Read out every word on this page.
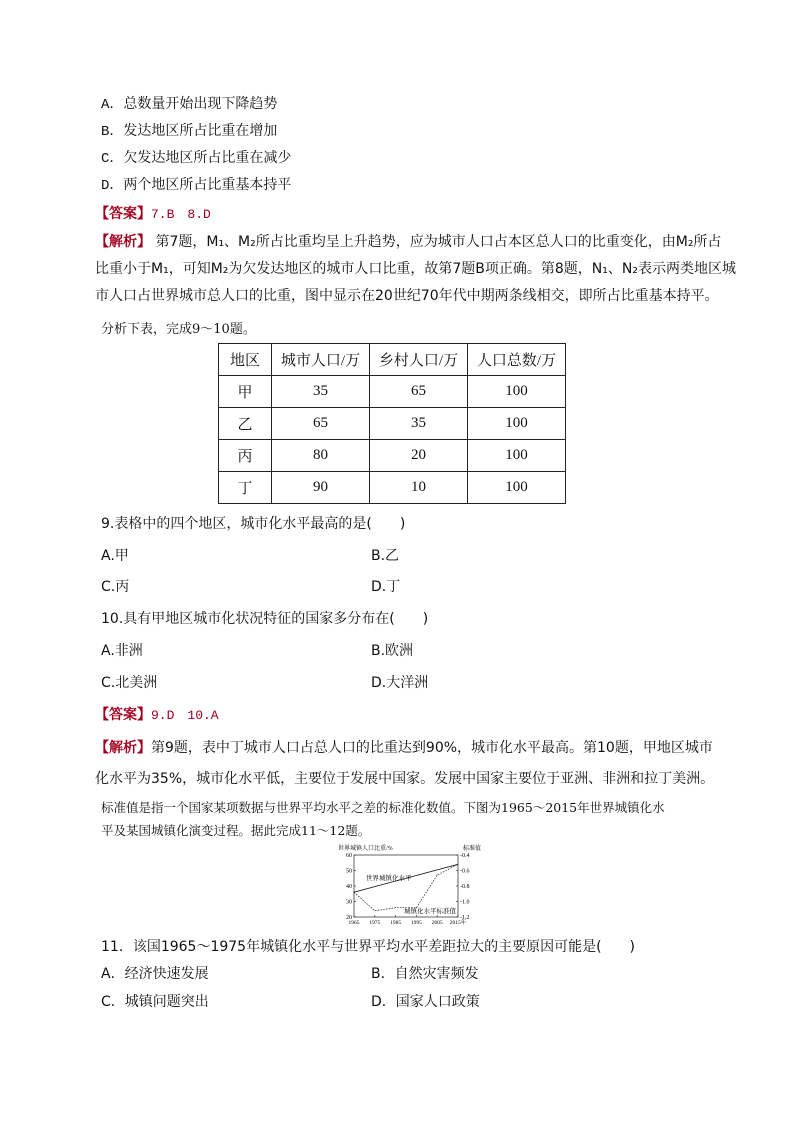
A．总数量开始出现下降趋势
B．发达地区所占比重在增加
C．欠发达地区所占比重在减少
D．两个地区所占比重基本持平
【答案】7.B　8.D
【解析】 第7题，M₁、M₂所占比重均呈上升趋势，应为城市人口占本区总人口的比重变化，由M₂所占
比重小于M₁，可知M₂为欠发达地区的城市人口比重，故第7题B项正确。第8题，N₁、N₂表示两类地区城
市人口占世界城市总人口的比重，图中显示在20世纪70年代中期两条线相交，即所占比重基本持平。
分析下表，完成9～10题。
地区	城市人口/万	乡村人口/万	人口总数/万
甲	35	65	100
乙	65	35	100
丙	80	20	100
丁	90	10	100
9.表格中的四个地区，城市化水平最高的是(　　)
A.甲	B.乙
C.丙	D.丁
10.具有甲地区城市化状况特征的国家多分布在(　　)
A.非洲	B.欧洲
C.北美洲	D.大洋洲
【答案】9.D　10.A
【解析】第9题，表中丁城市人口占总人口的比重达到90%，城市化水平最高。第10题，甲地区城市
化水平为35%，城市化水平低，主要位于发展中国家。发展中国家主要位于亚洲、非洲和拉丁美洲。
标准值是指一个国家某项数据与世界平均水平之差的标准化数值。下图为1965～2015年世界城镇化水
平及某国城镇化演变过程。据此完成11～12题。
世界城镇人口比重/%	标准值
20
30
40
50
60	-0.4
-0.6
-0.8
-1.0
-1.2
1965 1975 1985 1995 2005 2015年
世界城镇化水平
城镇化水平标准值
11．该国1965～1975年城镇化水平与世界平均水平差距拉大的主要原因可能是(　　)
A．经济快速发展	B．自然灾害频发
C．城镇问题突出	D．国家人口政策
